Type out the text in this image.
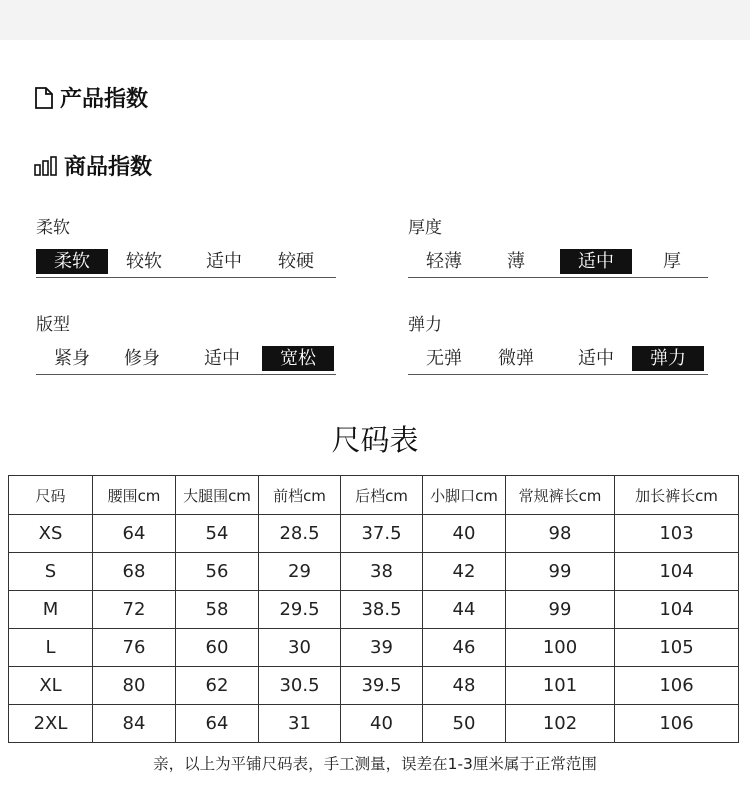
产品指数
商品指数
柔软
柔软	较软	适中	较硬
厚度
轻薄	薄	适中	厚
版型
紧身	修身	适中	宽松
弹力
无弹	微弹	适中	弹力
尺码表
尺码	腰围cm	大腿围cm	前档cm	后档cm	小脚口cm	常规裤长cm	加长裤长cm
XS	64	54	28.5	37.5	40	98	103
S	68	56	29	38	42	99	104
M	72	58	29.5	38.5	44	99	104
L	76	60	30	39	46	100	105
XL	80	62	30.5	39.5	48	101	106
2XL	84	64	31	40	50	102	106
亲，以上为平铺尺码表，手工测量，误差在1-3厘米属于正常范围
